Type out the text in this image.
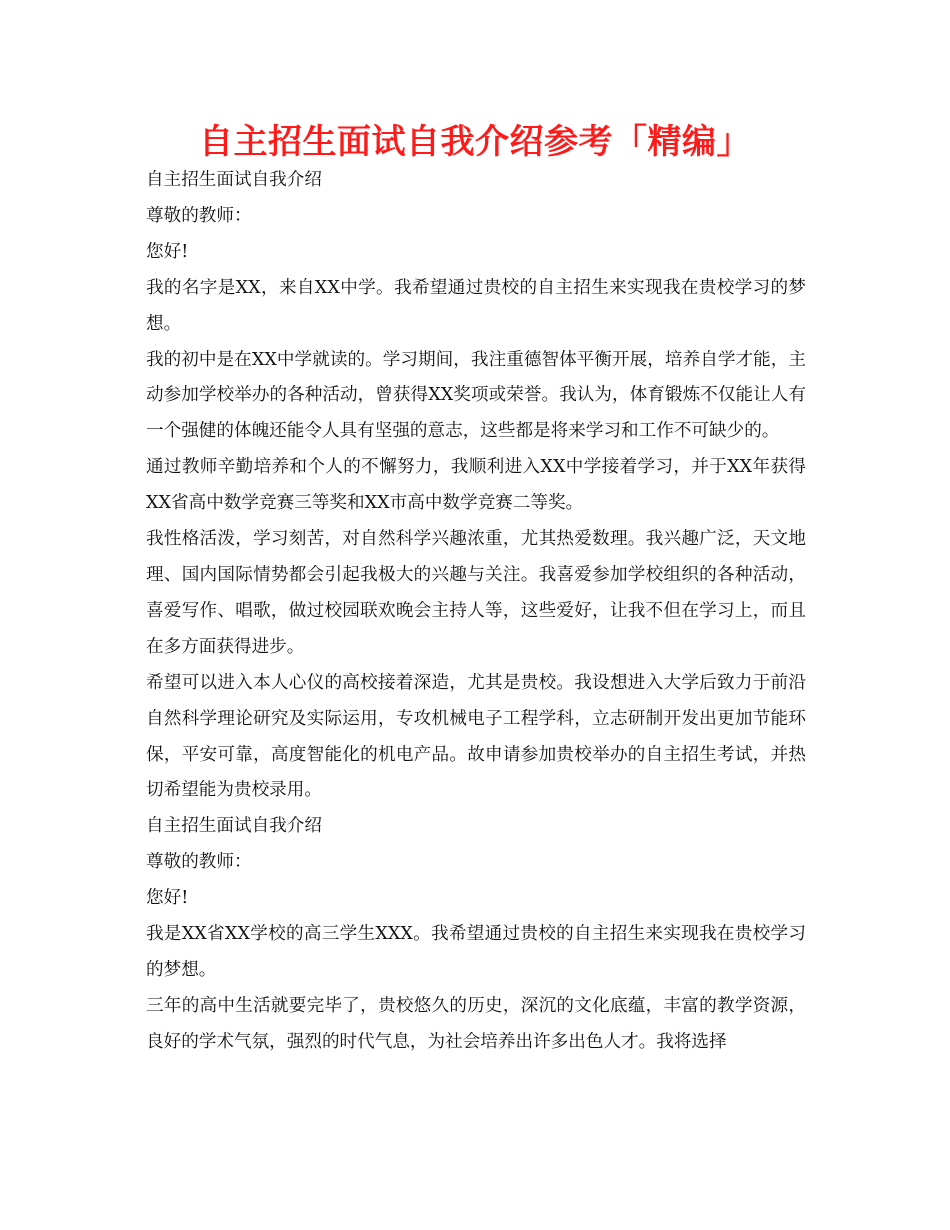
自主招生面试自我介绍参考「精编」

自主招生面试自我介绍

尊敬的教师：

您好!

我的名字是XX，来自XX中学。我希望通过贵校的自主招生来实现我在贵校学习的梦想。

我的初中是在XX中学就读的。学习期间，我注重德智体平衡开展，培养自学才能，主动参加学校举办的各种活动，曾获得XX奖项或荣誉。我认为，体育锻炼不仅能让人有一个强健的体魄还能令人具有坚强的意志，这些都是将来学习和工作不可缺少的。

通过教师辛勤培养和个人的不懈努力，我顺利进入XX中学接着学习，并于XX年获得XX省高中数学竞赛三等奖和XX市高中数学竞赛二等奖。

我性格活泼，学习刻苦，对自然科学兴趣浓重，尤其热爱数理。我兴趣广泛，天文地理、国内国际情势都会引起我极大的兴趣与关注。我喜爱参加学校组织的各种活动，喜爱写作、唱歌，做过校园联欢晚会主持人等，这些爱好，让我不但在学习上，而且在多方面获得进步。

希望可以进入本人心仪的高校接着深造，尤其是贵校。我设想进入大学后致力于前沿自然科学理论研究及实际运用，专攻机械电子工程学科，立志研制开发出更加节能环保，平安可靠，高度智能化的机电产品。故申请参加贵校举办的自主招生考试，并热切希望能为贵校录用。

自主招生面试自我介绍

尊敬的教师：

您好!

我是XX省XX学校的高三学生XXX。我希望通过贵校的自主招生来实现我在贵校学习的梦想。

三年的高中生活就要完毕了，贵校悠久的历史，深沉的文化底蕴，丰富的教学资源，良好的学术气氛，强烈的时代气息，为社会培养出许多出色人才。我将选择
